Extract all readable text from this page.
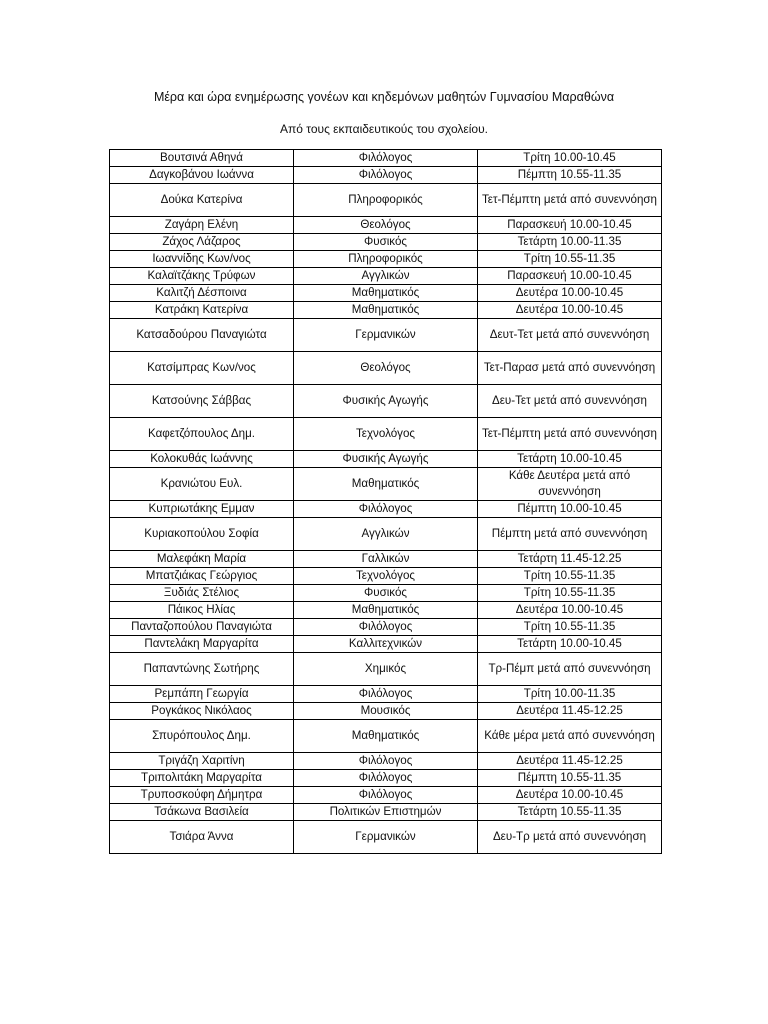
Μέρα και ώρα ενημέρωσης γονέων και κηδεμόνων μαθητών Γυμνασίου Μαραθώνα
Από τους εκπαιδευτικούς του σχολείου.
Βουτσινά Αθηνά	Φιλόλογος	Τρίτη 10.00-10.45
Δαγκοβάνου Ιωάννα	Φιλόλογος	Πέμπτη 10.55-11.35
Δούκα Κατερίνα	Πληροφορικός	Τετ-Πέμπτη μετά από συνεννόηση
Ζαγάρη Ελένη	Θεολόγος	Παρασκευή 10.00-10.45
Ζάχος Λάζαρος	Φυσικός	Τετάρτη 10.00-11.35
Ιωαννίδης Κων/νος	Πληροφορικός	Τρίτη 10.55-11.35
Καλαϊτζάκης Τρύφων	Αγγλικών	Παρασκευή 10.00-10.45
Καλιτζή Δέσποινα	Μαθηματικός	Δευτέρα 10.00-10.45
Κατράκη Κατερίνα	Μαθηματικός	Δευτέρα 10.00-10.45
Κατσαδούρου Παναγιώτα	Γερμανικών	Δευτ-Τετ μετά από συνεννόηση
Κατσίμπρας Κων/νος	Θεολόγος	Τετ-Παρασ μετά από συνεννόηση
Κατσούνης Σάββας	Φυσικής Αγωγής	Δευ-Τετ μετά από συνεννόηση
Καφετζόπουλος Δημ.	Τεχνολόγος	Τετ-Πέμπτη μετά από συνεννόηση
Κολοκυθάς Ιωάννης	Φυσικής Αγωγής	Τετάρτη 10.00-10.45
Κρανιώτου Ευλ.	Μαθηματικός	Κάθε Δευτέρα μετά από συνεννόηση
Κυπριωτάκης Εμμαν	Φιλόλογος	Πέμπτη 10.00-10.45
Κυριακοπούλου Σοφία	Αγγλικών	Πέμπτη μετά από συνεννόηση
Μαλεφάκη Μαρία	Γαλλικών	Τετάρτη 11.45-12.25
Μπατζιάκας Γεώργιος	Τεχνολόγος	Τρίτη 10.55-11.35
Ξυδιάς Στέλιος	Φυσικός	Τρίτη 10.55-11.35
Πάικος Ηλίας	Μαθηματικός	Δευτέρα 10.00-10.45
Πανταζοπούλου Παναγιώτα	Φιλόλογος	Τρίτη 10.55-11.35
Παντελάκη Μαργαρίτα	Καλλιτεχνικών	Τετάρτη 10.00-10.45
Παπαντώνης Σωτήρης	Χημικός	Τρ-Πέμπ μετά από συνεννόηση
Ρεμπάπη Γεωργία	Φιλόλογος	Τρίτη 10.00-11.35
Ρογκάκος Νικόλαος	Μουσικός	Δευτέρα 11.45-12.25
Σπυρόπουλος Δημ.	Μαθηματικός	Κάθε μέρα μετά από συνεννόηση
Τριγάζη Χαριτίνη	Φιλόλογος	Δευτέρα 11.45-12.25
Τριπολιτάκη Μαργαρίτα	Φιλόλογος	Πέμπτη 10.55-11.35
Τρυποσκούφη Δήμητρα	Φιλόλογος	Δευτέρα 10.00-10.45
Τσάκωνα Βασιλεία	Πολιτικών Επιστημών	Τετάρτη 10.55-11.35
Τσιάρα Άννα	Γερμανικών	Δευ-Τρ μετά από συνεννόηση
